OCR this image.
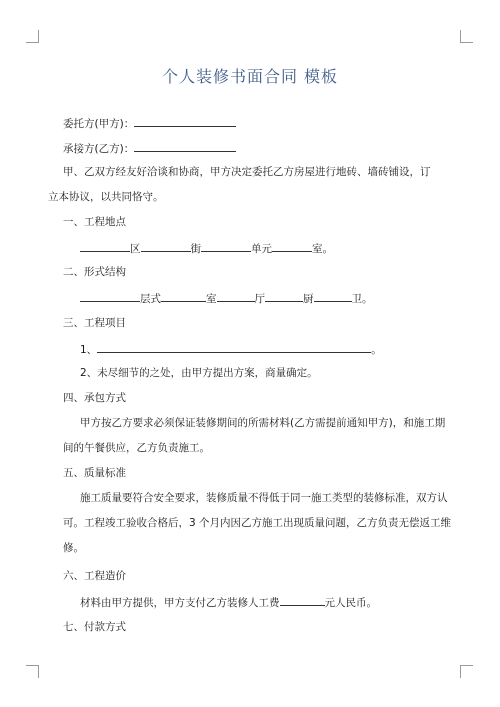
个人装修书面合同 模板
委托方(甲方)：
承接方(乙方)：
甲、乙双方经友好洽谈和协商，甲方决定委托乙方房屋进行地砖、墙砖铺设，订
立本协议，以共同恪守。
一、工程地点
区	街	单元	室。
二、形式结构
层式	室	厅	厨	卫。
三、工程项目
1、	。
2、未尽细节的之处，由甲方提出方案，商量确定。
四、承包方式
甲方按乙方要求必须保证装修期间的所需材料(乙方需提前通知甲方)，和施工期
间的午餐供应，乙方负责施工。
五、质量标准
施工质量要符合安全要求，装修质量不得低于同一施工类型的装修标准，双方认
可。工程竣工验收合格后，3 个月内因乙方施工出现质量问题，乙方负责无偿返工维
修。
六、工程造价
材料由甲方提供，甲方支付乙方装修人工费	元人民币。
七、付款方式
